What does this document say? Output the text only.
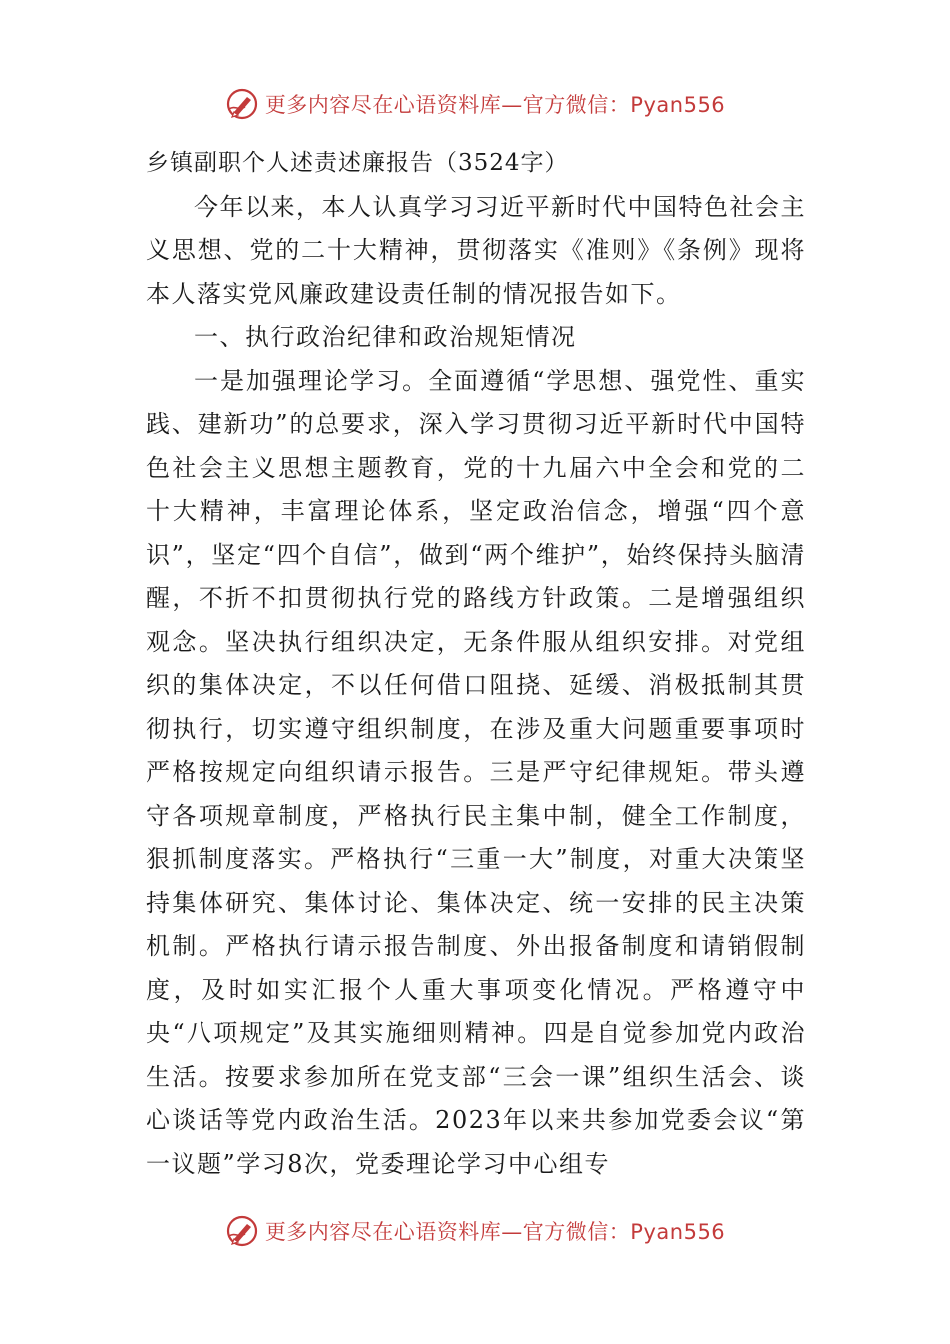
更多内容尽在心语资料库—官方微信：Pyan556
乡镇副职个人述责述廉报告（3524字）

今年以来，本人认真学习习近平新时代中国特色社会主义思想、党的二十大精神，贯彻落实《准则》《条例》现将本人落实党风廉政建设责任制的情况报告如下。

一、执行政治纪律和政治规矩情况

一是加强理论学习。全面遵循“学思想、强党性、重实践、建新功”的总要求，深入学习贯彻习近平新时代中国特色社会主义思想主题教育，党的十九届六中全会和党的二十大精神，丰富理论体系，坚定政治信念，增强“四个意识”，坚定“四个自信”，做到“两个维护”，始终保持头脑清醒，不折不扣贯彻执行党的路线方针政策。二是增强组织观念。坚决执行组织决定，无条件服从组织安排。对党组织的集体决定，不以任何借口阻挠、延缓、消极抵制其贯彻执行，切实遵守组织制度，在涉及重大问题重要事项时严格按规定向组织请示报告。三是严守纪律规矩。带头遵守各项规章制度，严格执行民主集中制，健全工作制度，狠抓制度落实。严格执行“三重一大”制度，对重大决策坚持集体研究、集体讨论、集体决定、统一安排的民主决策机制。严格执行请示报告制度、外出报备制度和请销假制度，及时如实汇报个人重大事项变化情况。严格遵守中央“八项规定”及其实施细则精神。四是自觉参加党内政治生活。按要求参加所在党支部“三会一课”组织生活会、谈心谈话等党内政治生活。2023年以来共参加党委会议“第一议题”学习8次，党委理论学习中心组专

更多内容尽在心语资料库—官方微信：Pyan556
